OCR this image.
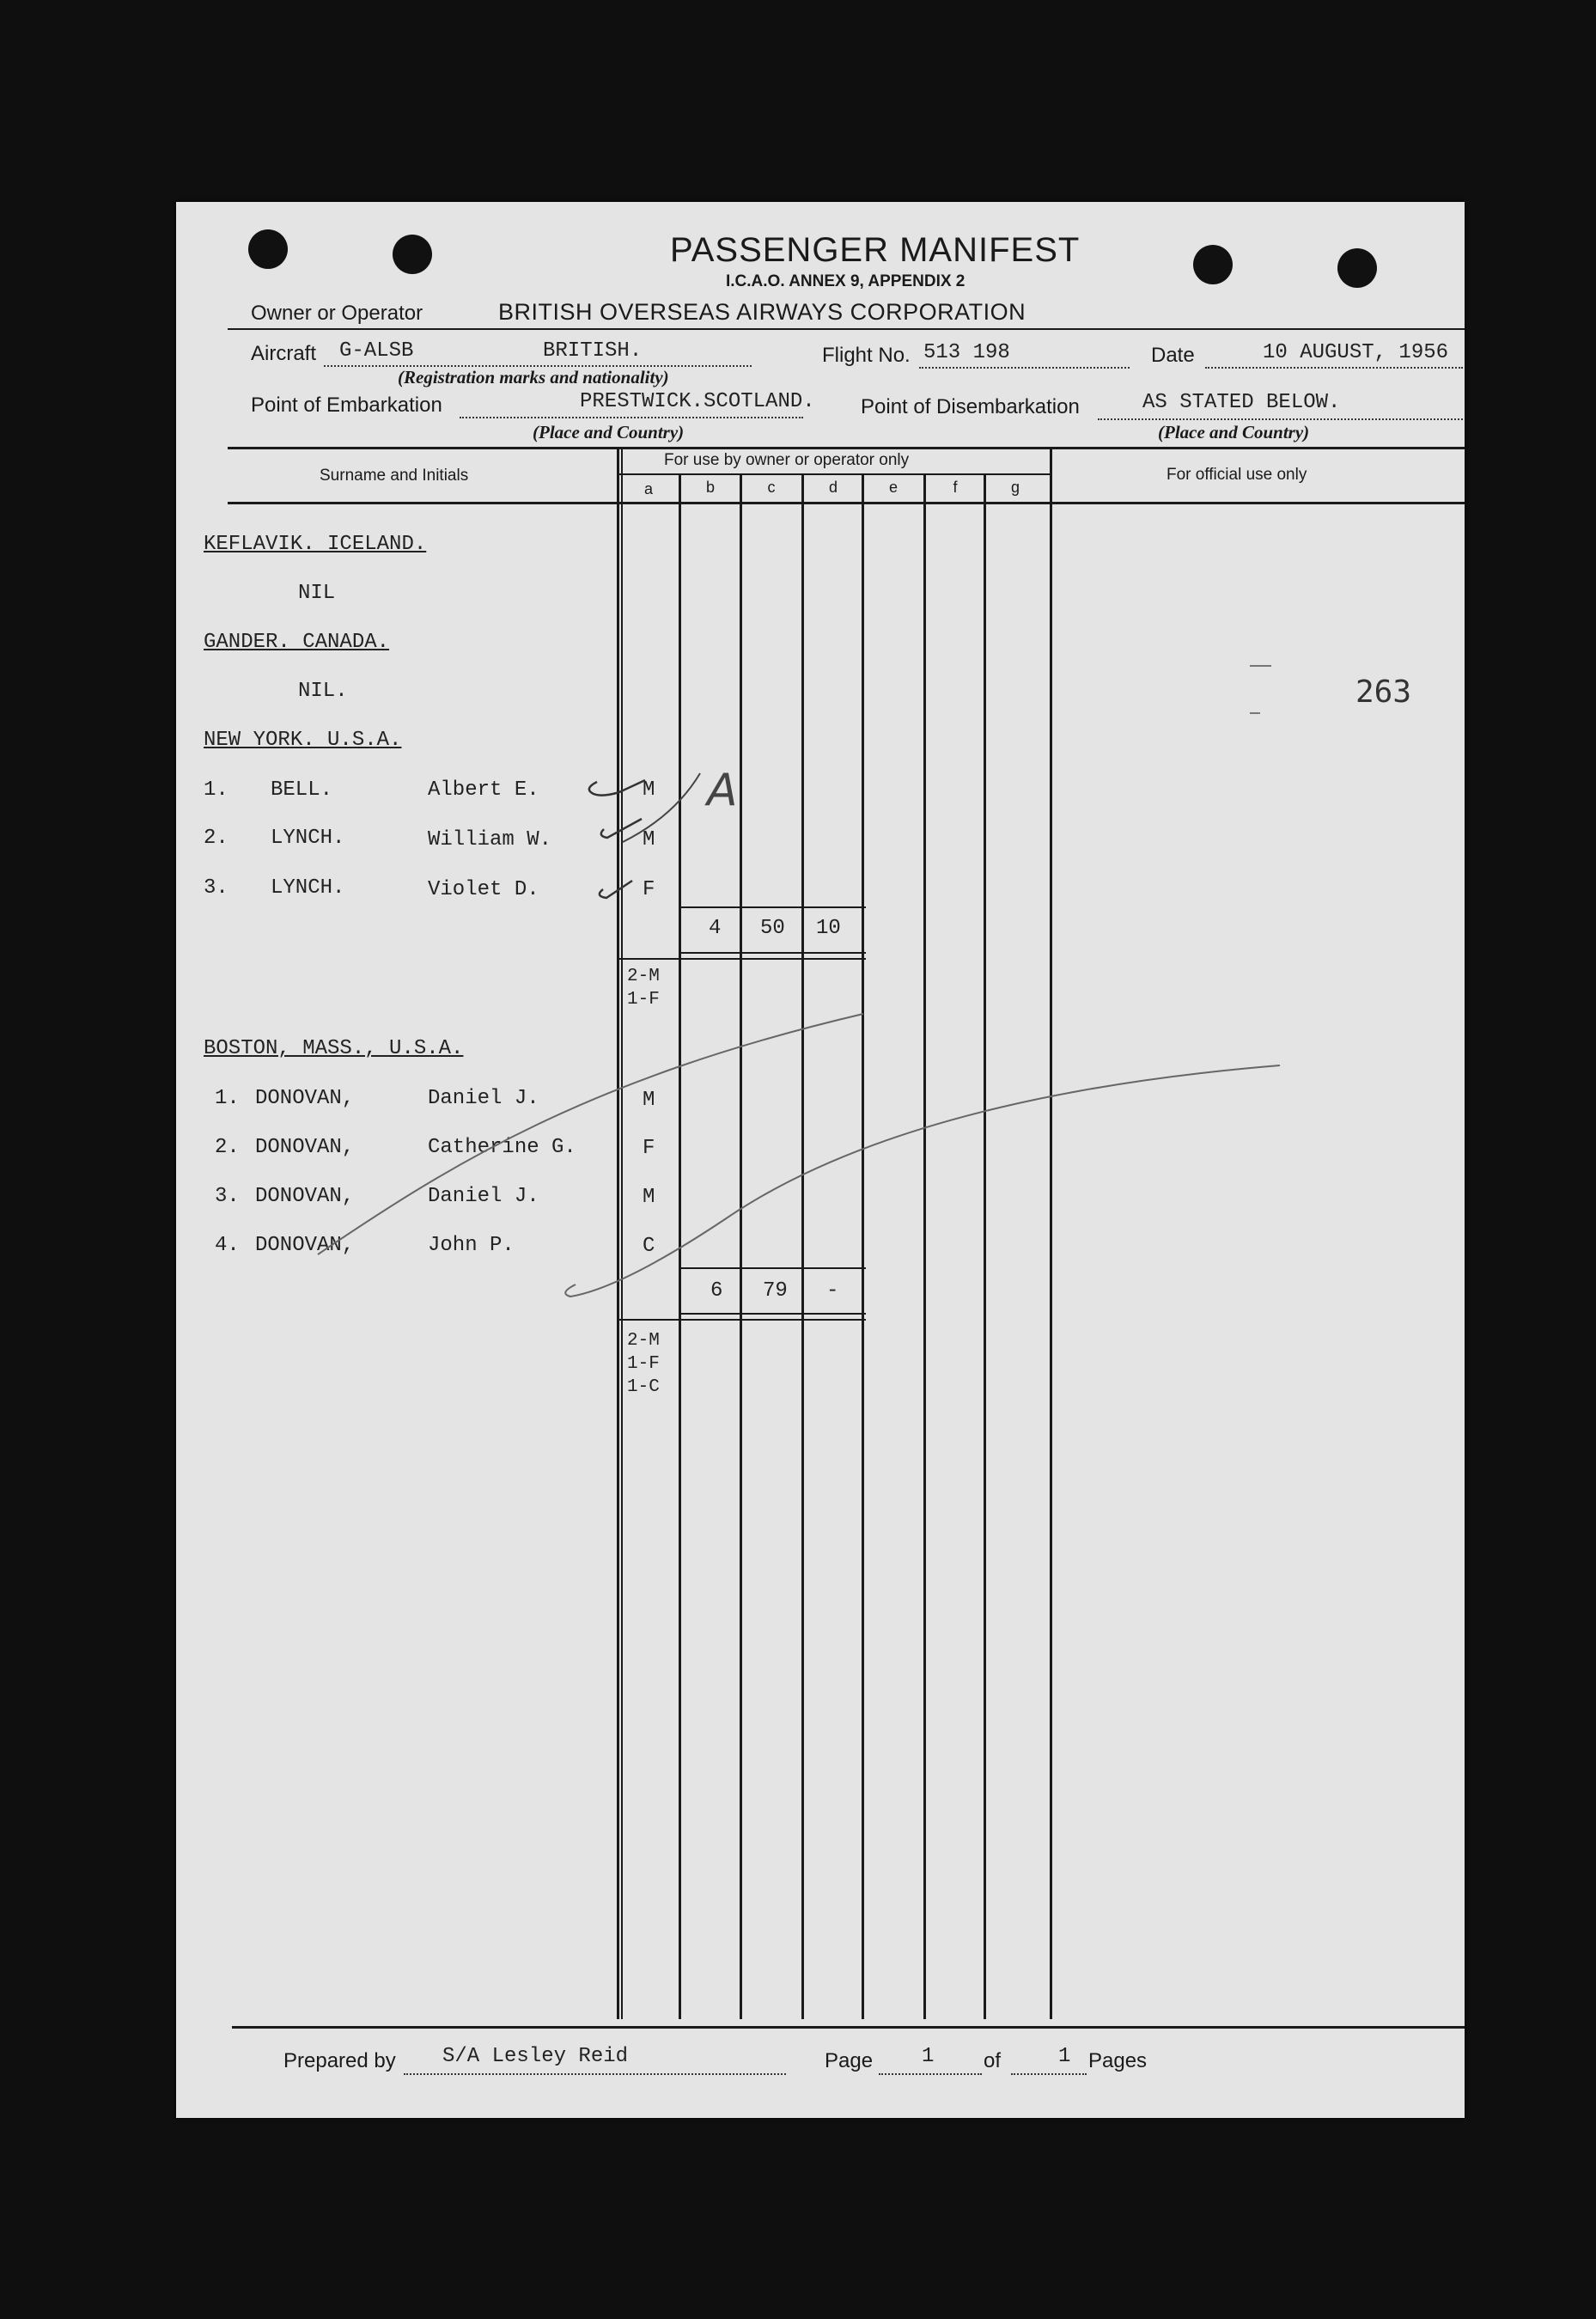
PASSENGER MANIFEST
I.C.A.O. ANNEX 9, APPENDIX 2
Owner or Operator	BRITISH OVERSEAS AIRWAYS CORPORATION
Aircraft G-ALSB	BRITISH.
(Registration marks and nationality)
Flight No. 513 198	Date	10 AUGUST, 1956
Point of Embarkation	PRESTWICK.SCOTLAND.
(Place and Country)
Point of Disembarkation	AS STATED BELOW.
(Place and Country)
Surname and Initials
For use by owner or operator only
For official use only
a	b	c	d	e	f	g
KEFLAVIK. ICELAND.
NIL
GANDER. CANADA.
NIL.
NEW YORK. U.S.A.
1. BELL.	Albert E.	M
2. LYNCH.	William W.	M
3. LYNCH.	Violet D.	F
4 50 10
2-M
1-F
BOSTON, MASS., U.S.A.
1. DONOVAN,	Daniel J.	M
2. DONOVAN,	Catherine G.	F
3. DONOVAN,	Daniel J.	M
4. DONOVAN,	John P.	C
6 79 -
2-M
1-F
1-C
263
A
Prepared by S/A Lesley Reid	Page 1 of	1 Pages
